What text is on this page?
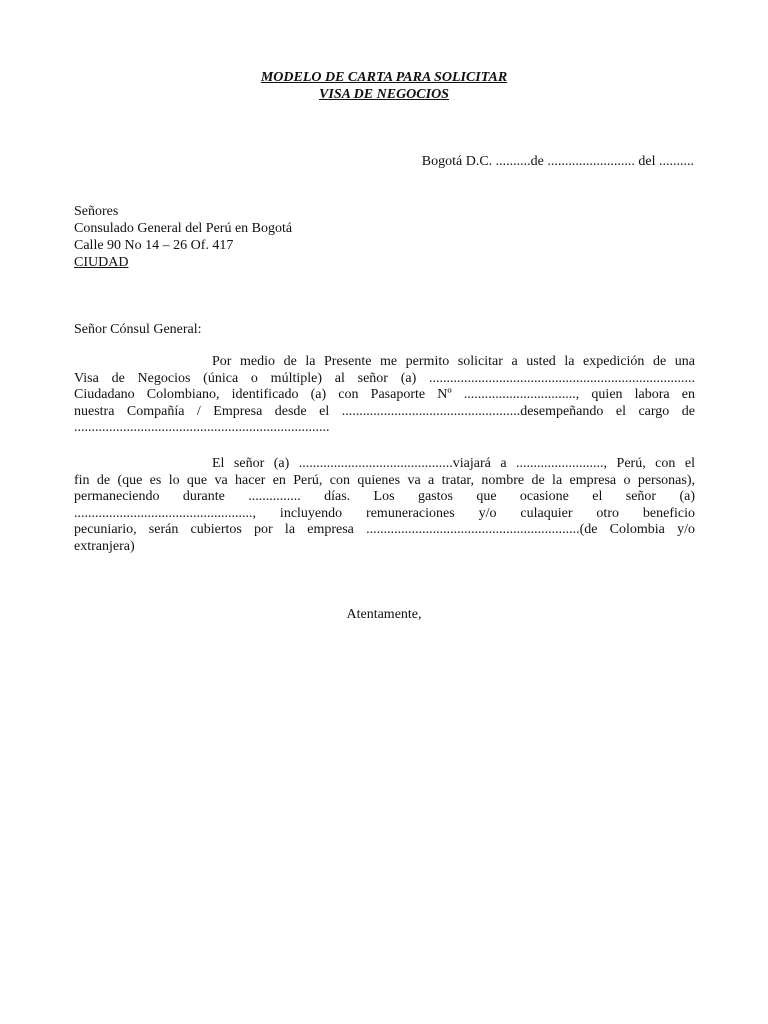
MODELO DE CARTA PARA SOLICITAR
VISA DE NEGOCIOS
Bogotá D.C. ..........de ......................... del ..........
Señores
Consulado General del Perú en Bogotá
Calle 90 No 14 – 26 Of. 417
CIUDAD
Señor Cónsul General:
Por medio de la Presente me permito solicitar a usted la expedición de una
Visa de Negocios (única o múltiple) al señor (a) ............................................................................
Ciudadano Colombiano, identificado (a) con Pasaporte Nº ................................, quien labora en
nuestra Compañía / Empresa desde el ...................................................desempeñando el cargo de
.........................................................................
El señor (a) ............................................viajará a ........................., Perú, con el
fin de (que es lo que va hacer en Perú, con quienes va a tratar, nombre de la empresa o personas),
permaneciendo durante ............... días. Los gastos que ocasione el señor (a)
..................................................., incluyendo remuneraciones y/o culaquier otro beneficio
pecuniario, serán cubiertos por la empresa .............................................................(de Colombia y/o
extranjera)
Atentamente,
